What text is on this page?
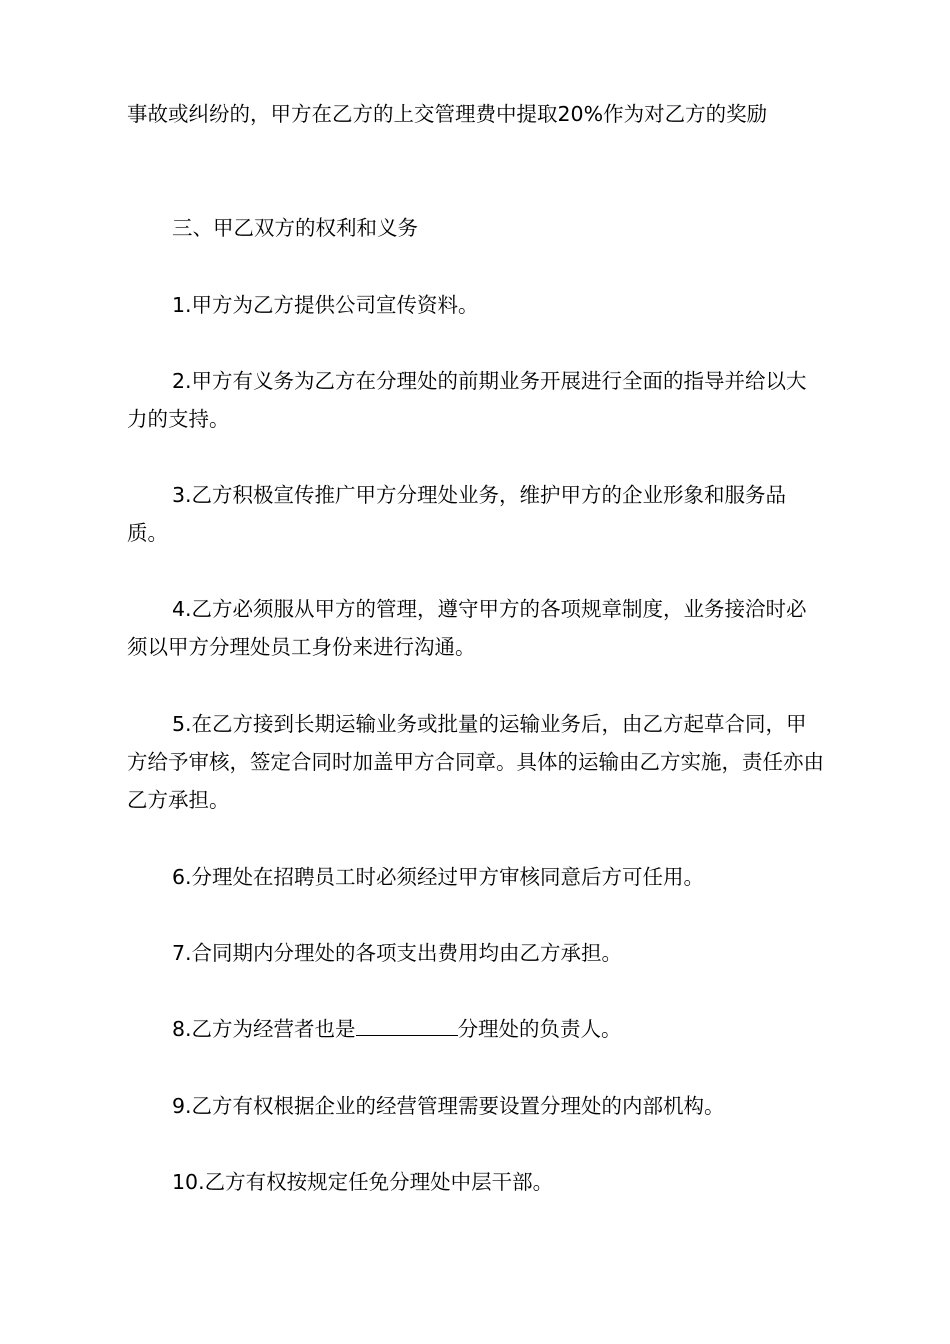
事故或纠纷的，甲方在乙方的上交管理费中提取20%作为对乙方的奖励

三、甲乙双方的权利和义务

1.甲方为乙方提供公司宣传资料。

2.甲方有义务为乙方在分理处的前期业务开展进行全面的指导并给以大力的支持。

3.乙方积极宣传推广甲方分理处业务，维护甲方的企业形象和服务品质。

4.乙方必须服从甲方的管理，遵守甲方的各项规章制度，业务接洽时必须以甲方分理处员工身份来进行沟通。

5.在乙方接到长期运输业务或批量的运输业务后，由乙方起草合同，甲方给予审核，签定合同时加盖甲方合同章。具体的运输由乙方实施，责任亦由乙方承担。

6.分理处在招聘员工时必须经过甲方审核同意后方可任用。

7.合同期内分理处的各项支出费用均由乙方承担。

8.乙方为经营者也是	分理处的负责人。

9.乙方有权根据企业的经营管理需要设置分理处的内部机构。

10.乙方有权按规定任免分理处中层干部。
